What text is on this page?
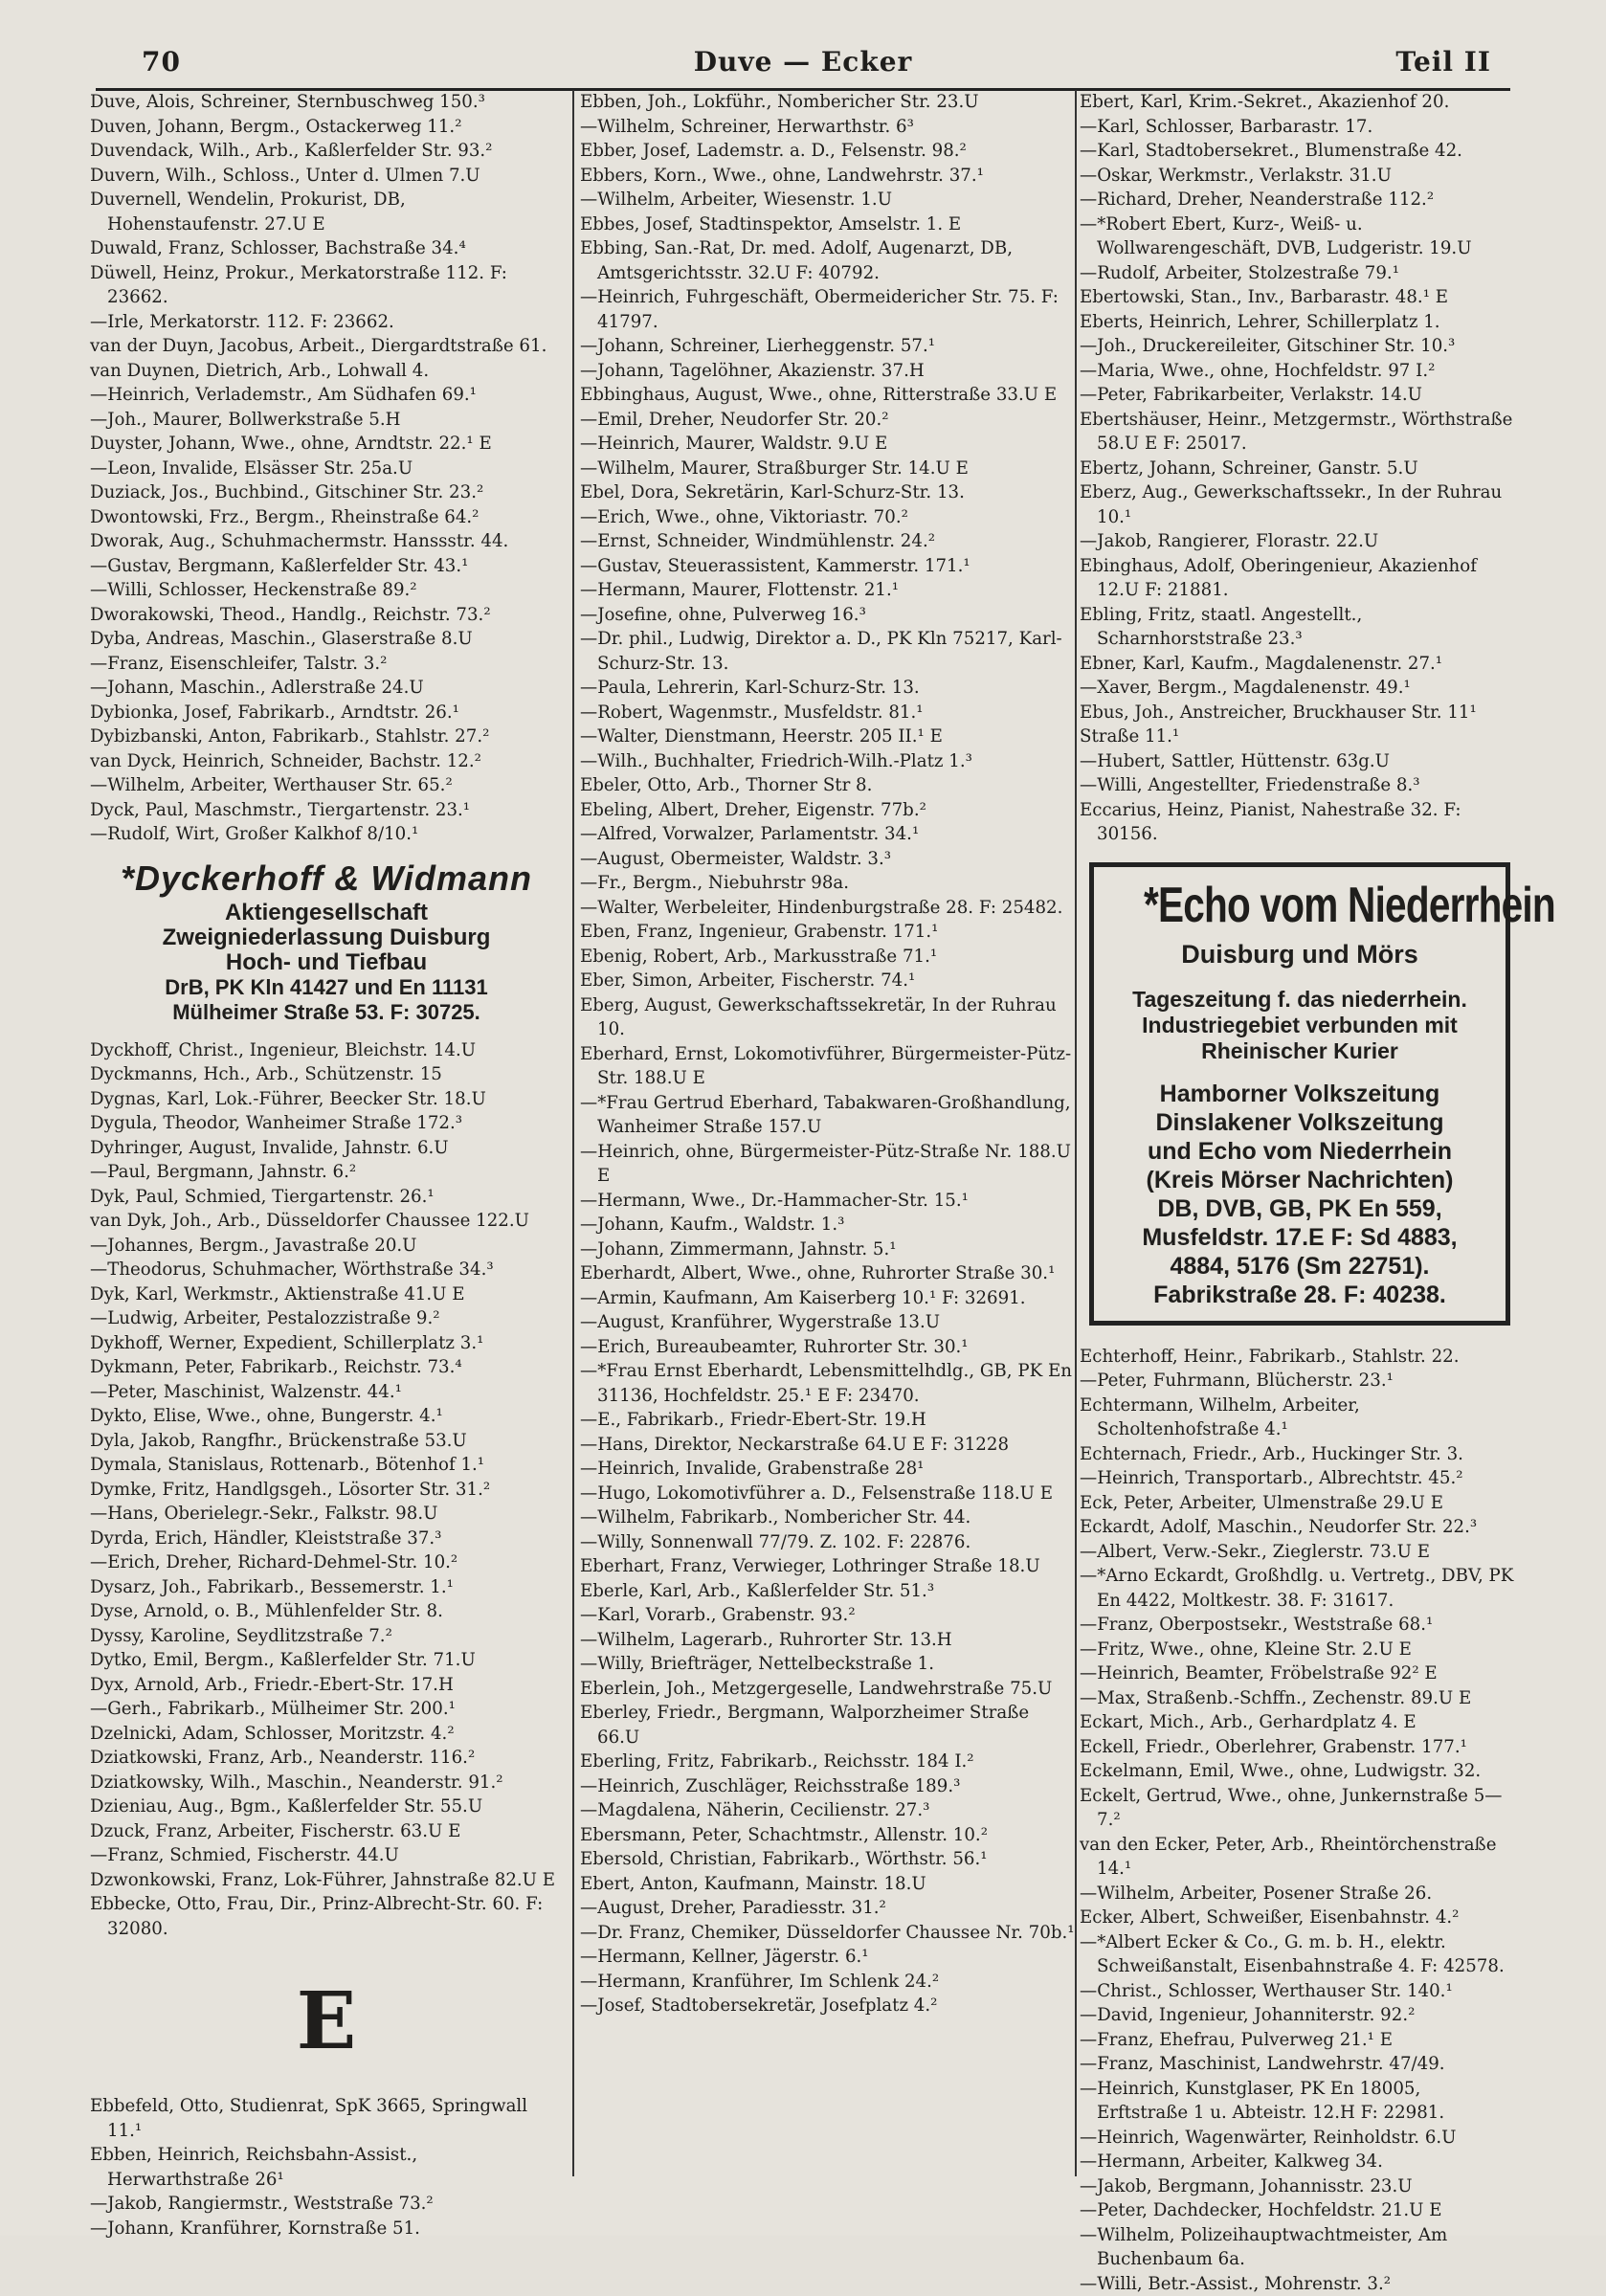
70	Duve — Ecker	Teil II
Duve, Alois, Schreiner, Sternbuschweg 150.³
Duven, Johann, Bergm., Ostackerweg 11.²
Duvendack, Wilh., Arb., Kaßlerfelder Str. 93.²
Duvern, Wilh., Schloss., Unter d. Ulmen 7.U
Duvernell, Wendelin, Prokurist, DB, Hohenstaufenstr. 27.U E
Duwald, Franz, Schlosser, Bachstraße 34.⁴
Düwell, Heinz, Prokur., Merkatorstraße 112. F: 23662.
—Irle, Merkatorstr. 112. F: 23662.
van der Duyn, Jacobus, Arbeit., Diergardtstraße 61.
van Duynen, Dietrich, Arb., Lohwall 4.
—Heinrich, Verlademstr., Am Südhafen 69.¹
—Joh., Maurer, Bollwerkstraße 5.H
Duyster, Johann, Wwe., ohne, Arndtstr. 22.¹ E
—Leon, Invalide, Elsässer Str. 25a.U
Duziack, Jos., Buchbind., Gitschiner Str. 23.²
Dwontowski, Frz., Bergm., Rheinstraße 64.²
Dworak, Aug., Schuhmachermstr. Hanssstr. 44.
—Gustav, Bergmann, Kaßlerfelder Str. 43.¹
—Willi, Schlosser, Heckenstraße 89.²
Dworakowski, Theod., Handlg., Reichstr. 73.²
Dyba, Andreas, Maschin., Glaserstraße 8.U
—Franz, Eisenschleifer, Talstr. 3.²
—Johann, Maschin., Adlerstraße 24.U
Dybionka, Josef, Fabrikarb., Arndtstr. 26.¹
Dybizbanski, Anton, Fabrikarb., Stahlstr. 27.²
van Dyck, Heinrich, Schneider, Bachstr. 12.²
—Wilhelm, Arbeiter, Werthauser Str. 65.²
Dyck, Paul, Maschmstr., Tiergartenstr. 23.¹
—Rudolf, Wirt, Großer Kalkhof 8/10.¹
*Dyckerhoff & Widmann
Aktiengesellschaft
Zweigniederlassung Duisburg
Hoch- und Tiefbau
DrB, PK Kln 41427 und En 11131
Mülheimer Straße 53. F: 30725.
Dyckhoff, Christ., Ingenieur, Bleichstr. 14.U
Dyckmanns, Hch., Arb., Schützenstr. 15
Dygnas, Karl, Lok.-Führer, Beecker Str. 18.U
Dygula, Theodor, Wanheimer Straße 172.³
Dyhringer, August, Invalide, Jahnstr. 6.U
—Paul, Bergmann, Jahnstr. 6.²
Dyk, Paul, Schmied, Tiergartenstr. 26.¹
van Dyk, Joh., Arb., Düsseldorfer Chaussee 122.U
—Johannes, Bergm., Javastraße 20.U
—Theodorus, Schuhmacher, Wörthstraße 34.³
Dyk, Karl, Werkmstr., Aktienstraße 41.U E
—Ludwig, Arbeiter, Pestalozzistraße 9.²
Dykhoff, Werner, Expedient, Schillerplatz 3.¹
Dykmann, Peter, Fabrikarb., Reichstr. 73.⁴
—Peter, Maschinist, Walzenstr. 44.¹
Dykto, Elise, Wwe., ohne, Bungerstr. 4.¹
Dyla, Jakob, Rangfhr., Brückenstraße 53.U
Dymala, Stanislaus, Rottenarb., Bötenhof 1.¹
Dymke, Fritz, Handlgsgeh., Lösorter Str. 31.²
—Hans, Oberielegr.-Sekr., Falkstr. 98.U
Dyrda, Erich, Händler, Kleiststraße 37.³
—Erich, Dreher, Richard-Dehmel-Str. 10.²
Dysarz, Joh., Fabrikarb., Bessemerstr. 1.¹
Dyse, Arnold, o. B., Mühlenfelder Str. 8.
Dyssy, Karoline, Seydlitzstraße 7.²
Dytko, Emil, Bergm., Kaßlerfelder Str. 71.U
Dyx, Arnold, Arb., Friedr.-Ebert-Str. 17.H
—Gerh., Fabrikarb., Mülheimer Str. 200.¹
Dzelnicki, Adam, Schlosser, Moritzstr. 4.²
Dziatkowski, Franz, Arb., Neanderstr. 116.²
Dziatkowsky, Wilh., Maschin., Neanderstr. 91.²
Dzieniau, Aug., Bgm., Kaßlerfelder Str. 55.U
Dzuck, Franz, Arbeiter, Fischerstr. 63.U E
—Franz, Schmied, Fischerstr. 44.U
Dzwonkowski, Franz, Lok-Führer, Jahnstraße 82.U E
Ebbecke, Otto, Frau, Dir., Prinz-Albrecht-Str. 60. F: 32080.
E
Ebbefeld, Otto, Studienrat, SpK 3665, Springwall 11.¹
Ebben, Heinrich, Reichsbahn-Assist., Herwarthstraße 26¹
—Jakob, Rangiermstr., Weststraße 73.²
—Johann, Kranführer, Kornstraße 51.
Ebben, Joh., Lokführ., Nombericher Str. 23.U
—Wilhelm, Schreiner, Herwarthstr. 6³
Ebber, Josef, Lademstr. a. D., Felsenstr. 98.²
Ebbers, Korn., Wwe., ohne, Landwehrstr. 37.¹
—Wilhelm, Arbeiter, Wiesenstr. 1.U
Ebbes, Josef, Stadtinspektor, Amselstr. 1. E
Ebbing, San.-Rat, Dr. med. Adolf, Augenarzt, DB, Amtsgerichtsstr. 32.U F: 40792.
—Heinrich, Fuhrgeschäft, Obermeidericher Str. 75. F: 41797.
—Johann, Schreiner, Lierheggenstr. 57.¹
—Johann, Tagelöhner, Akazienstr. 37.H
Ebbinghaus, August, Wwe., ohne, Ritterstraße 33.U E
—Emil, Dreher, Neudorfer Str. 20.²
—Heinrich, Maurer, Waldstr. 9.U E
—Wilhelm, Maurer, Straßburger Str. 14.U E
Ebel, Dora, Sekretärin, Karl-Schurz-Str. 13.
—Erich, Wwe., ohne, Viktoriastr. 70.²
—Ernst, Schneider, Windmühlenstr. 24.²
—Gustav, Steuerassistent, Kammerstr. 171.¹
—Hermann, Maurer, Flottenstr. 21.¹
—Josefine, ohne, Pulverweg 16.³
—Dr. phil., Ludwig, Direktor a. D., PK Kln 75217, Karl-Schurz-Str. 13.
—Paula, Lehrerin, Karl-Schurz-Str. 13.
—Robert, Wagenmstr., Musfeldstr. 81.¹
—Walter, Dienstmann, Heerstr. 205 II.¹ E
—Wilh., Buchhalter, Friedrich-Wilh.-Platz 1.³
Ebeler, Otto, Arb., Thorner Str 8.
Ebeling, Albert, Dreher, Eigenstr. 77b.²
—Alfred, Vorwalzer, Parlamentstr. 34.¹
—August, Obermeister, Waldstr. 3.³
—Fr., Bergm., Niebuhrstr 98a.
—Walter, Werbeleiter, Hindenburgstraße 28. F: 25482.
Eben, Franz, Ingenieur, Grabenstr. 171.¹
Ebenig, Robert, Arb., Markusstraße 71.¹
Eber, Simon, Arbeiter, Fischerstr. 74.¹
Eberg, August, Gewerkschaftssekretär, In der Ruhrau 10.
Eberhard, Ernst, Lokomotivführer, Bürgermeister-Pütz-Str. 188.U E
—*Frau Gertrud Eberhard, Tabakwaren-Großhandlung, Wanheimer Straße 157.U
—Heinrich, ohne, Bürgermeister-Pütz-Straße Nr. 188.U E
—Hermann, Wwe., Dr.-Hammacher-Str. 15.¹
—Johann, Kaufm., Waldstr. 1.³
—Johann, Zimmermann, Jahnstr. 5.¹
Eberhardt, Albert, Wwe., ohne, Ruhrorter Straße 30.¹
—Armin, Kaufmann, Am Kaiserberg 10.¹ F: 32691.
—August, Kranführer, Wygerstraße 13.U
—Erich, Bureaubeamter, Ruhrorter Str. 30.¹
—*Frau Ernst Eberhardt, Lebensmittelhdlg., GB, PK En 31136, Hochfeldstr. 25.¹ E F: 23470.
—E., Fabrikarb., Friedr-Ebert-Str. 19.H
—Hans, Direktor, Neckarstraße 64.U E F: 31228
—Heinrich, Invalide, Grabenstraße 28¹
—Hugo, Lokomotivführer a. D., Felsenstraße 118.U E
—Wilhelm, Fabrikarb., Nombericher Str. 44.
—Willy, Sonnenwall 77/79. Z. 102. F: 22876.
Eberhart, Franz, Verwieger, Lothringer Straße 18.U
Eberle, Karl, Arb., Kaßlerfelder Str. 51.³
—Karl, Vorarb., Grabenstr. 93.²
—Wilhelm, Lagerarb., Ruhrorter Str. 13.H
—Willy, Briefträger, Nettelbeckstraße 1.
Eberlein, Joh., Metzgergeselle, Landwehrstraße 75.U
Eberley, Friedr., Bergmann, Walporzheimer Straße 66.U
Eberling, Fritz, Fabrikarb., Reichsstr. 184 I.²
—Heinrich, Zuschläger, Reichsstraße 189.³
—Magdalena, Näherin, Cecilienstr. 27.³
Ebersmann, Peter, Schachtmstr., Allenstr. 10.²
Ebersold, Christian, Fabrikarb., Wörthstr. 56.¹
Ebert, Anton, Kaufmann, Mainstr. 18.U
—August, Dreher, Paradiesstr. 31.²
—Dr. Franz, Chemiker, Düsseldorfer Chaussee Nr. 70b.¹
—Hermann, Kellner, Jägerstr. 6.¹
—Hermann, Kranführer, Im Schlenk 24.²
—Josef, Stadtobersekretär, Josefplatz 4.²
Ebert, Karl, Krim.-Sekret., Akazienhof 20.
—Karl, Schlosser, Barbarastr. 17.
—Karl, Stadtobersekret., Blumenstraße 42.
—Oskar, Werkmstr., Verlakstr. 31.U
—Richard, Dreher, Neanderstraße 112.²
—*Robert Ebert, Kurz-, Weiß- u. Wollwarengeschäft, DVB, Ludgeristr. 19.U
—Rudolf, Arbeiter, Stolzestraße 79.¹
Ebertowski, Stan., Inv., Barbarastr. 48.¹ E
Eberts, Heinrich, Lehrer, Schillerplatz 1.
—Joh., Druckereileiter, Gitschiner Str. 10.³
—Maria, Wwe., ohne, Hochfeldstr. 97 I.²
—Peter, Fabrikarbeiter, Verlakstr. 14.U
Ebertshäuser, Heinr., Metzgermstr., Wörthstraße 58.U E F: 25017.
Ebertz, Johann, Schreiner, Ganstr. 5.U
Eberz, Aug., Gewerkschaftssekr., In der Ruhrau 10.¹
—Jakob, Rangierer, Florastr. 22.U
Ebinghaus, Adolf, Oberingenieur, Akazienhof 12.U F: 21881.
Ebling, Fritz, staatl. Angestellt., Scharnhorststraße 23.³
Ebner, Karl, Kaufm., Magdalenenstr. 27.¹
—Xaver, Bergm., Magdalenenstr. 49.¹
Ebus, Joh., Anstreicher, Bruckhauser Str. 11¹
Straße 11.¹
—Hubert, Sattler, Hüttenstr. 63g.U
—Willi, Angestellter, Friedenstraße 8.³
Eccarius, Heinz, Pianist, Nahestraße 32. F: 30156.
*Echo vom Niederrhein
Duisburg und Mörs
Tageszeitung f. das niederrhein.
Industriegebiet verbunden mit
Rheinischer Kurier
Hamborner Volkszeitung
Dinslakener Volkszeitung
und Echo vom Niederrhein
(Kreis Mörser Nachrichten)
DB, DVB, GB, PK En 559,
Musfeldstr. 17.E F: Sd 4883,
4884, 5176 (Sm 22751).
Fabrikstraße 28. F: 40238.
Echterhoff, Heinr., Fabrikarb., Stahlstr. 22.
—Peter, Fuhrmann, Blücherstr. 23.¹
Echtermann, Wilhelm, Arbeiter, Scholtenhofstraße 4.¹
Echternach, Friedr., Arb., Huckinger Str. 3.
—Heinrich, Transportarb., Albrechtstr. 45.²
Eck, Peter, Arbeiter, Ulmenstraße 29.U E
Eckardt, Adolf, Maschin., Neudorfer Str. 22.³
—Albert, Verw.-Sekr., Zieglerstr. 73.U E
—*Arno Eckardt, Großhdlg. u. Vertretg., DBV, PK En 4422, Moltkestr. 38. F: 31617.
—Franz, Oberpostsekr., Weststraße 68.¹
—Fritz, Wwe., ohne, Kleine Str. 2.U E
—Heinrich, Beamter, Fröbelstraße 92² E
—Max, Straßenb.-Schffn., Zechenstr. 89.U E
Eckart, Mich., Arb., Gerhardplatz 4. E
Eckell, Friedr., Oberlehrer, Grabenstr. 177.¹
Eckelmann, Emil, Wwe., ohne, Ludwigstr. 32.
Eckelt, Gertrud, Wwe., ohne, Junkernstraße 5—7.²
van den Ecker, Peter, Arb., Rheintörchenstraße 14.¹
—Wilhelm, Arbeiter, Posener Straße 26.
Ecker, Albert, Schweißer, Eisenbahnstr. 4.²
—*Albert Ecker & Co., G. m. b. H., elektr. Schweißanstalt, Eisenbahnstraße 4. F: 42578.
—Christ., Schlosser, Werthauser Str. 140.¹
—David, Ingenieur, Johanniterstr. 92.²
—Franz, Ehefrau, Pulverweg 21.¹ E
—Franz, Maschinist, Landwehrstr. 47/49.
—Heinrich, Kunstglaser, PK En 18005, Erftstraße 1 u. Abteistr. 12.H F: 22981.
—Heinrich, Wagenwärter, Reinholdstr. 6.U
—Hermann, Arbeiter, Kalkweg 34.
—Jakob, Bergmann, Johannisstr. 23.U
—Peter, Dachdecker, Hochfeldstr. 21.U E
—Wilhelm, Polizeihauptwachtmeister, Am Buchenbaum 6a.
—Willi, Betr.-Assist., Mohrenstr. 3.²
